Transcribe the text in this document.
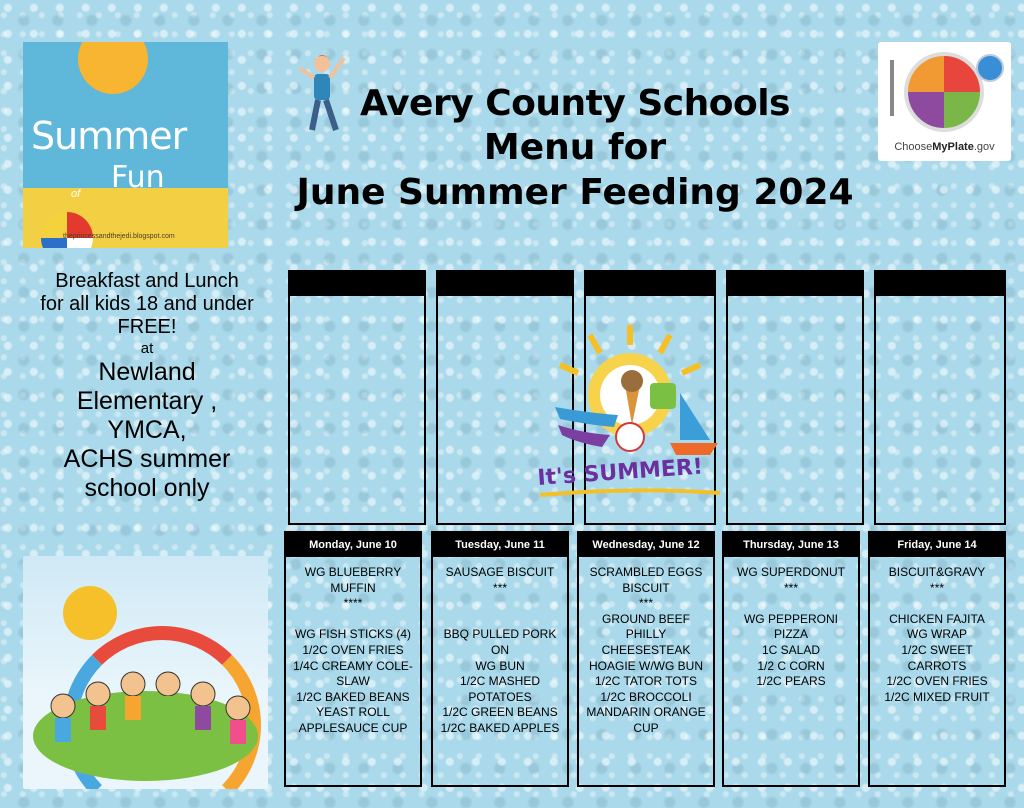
Summer
of Fun
theprincessandthejedi.blogspot.com
Avery County Schools
Menu for
June Summer Feeding 2024
ChooseMyPlate.gov
Breakfast and Lunch
for all kids 18 and under
FREE!
at
Newland
Elementary ,
YMCA,
ACHS summer
school only	It's SUMMER!
Monday, June 10
WG BLUEBERRY
MUFFIN
****
WG FISH STICKS (4)
1/2C OVEN FRIES
1/4C CREAMY COLE-
SLAW
1/2C BAKED BEANS
YEAST ROLL
APPLESAUCE CUP
Tuesday, June 11
SAUSAGE BISCUIT
***
BBQ PULLED PORK ON
WG BUN
1/2C MASHED
POTATOES
1/2C GREEN BEANS
1/2C BAKED APPLES
Wednesday, June 12
SCRAMBLED EGGS
BISCUIT
***
GROUND BEEF PHILLY
CHEESESTEAK
HOAGIE W/WG BUN
1/2C TATOR TOTS
1/2C BROCCOLI
MANDARIN ORANGE
CUP
Thursday, June 13
WG SUPERDONUT
***
WG PEPPERONI PIZZA
1C SALAD
1/2 C CORN
1/2C PEARS
Friday, June 14
BISCUIT&GRAVY
***
CHICKEN FAJITA
WG WRAP
1/2C SWEET CARROTS
1/2C OVEN FRIES
1/2C MIXED FRUIT
